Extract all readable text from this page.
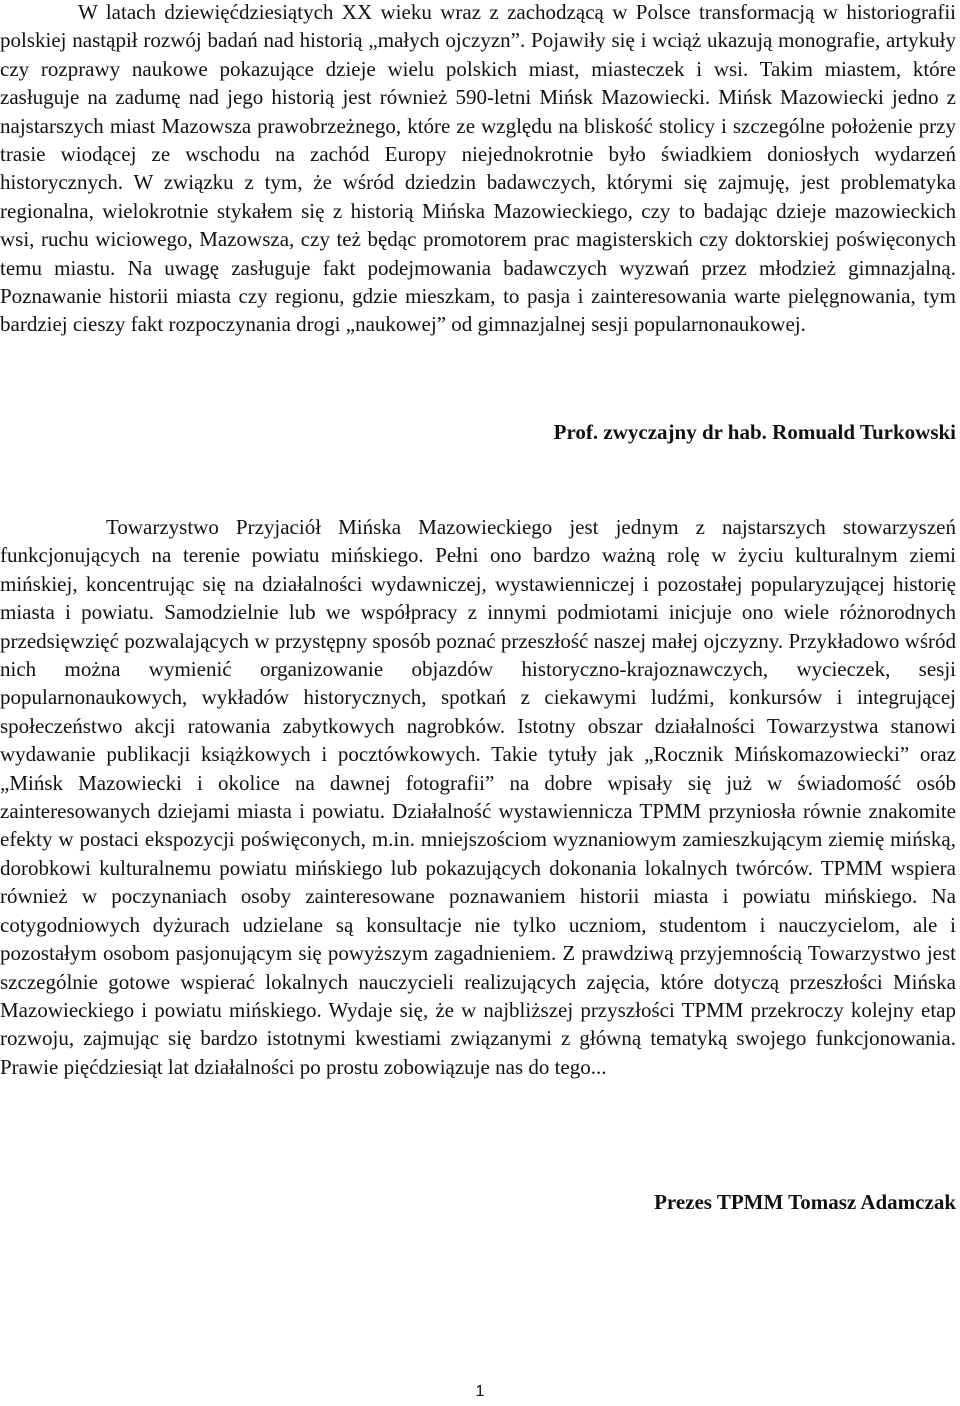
W latach dziewięćdziesiątych XX wieku wraz z zachodzącą w Polsce transformacją w historiografii polskiej nastąpił rozwój badań nad historią „małych ojczyzn”. Pojawiły się i wciąż ukazują monografie, artykuły czy rozprawy naukowe pokazujące dzieje wielu polskich miast, miasteczek i wsi. Takim miastem, które zasługuje na zadumę nad jego historią jest również 590-letni Mińsk Mazowiecki. Mińsk Mazowiecki jedno z najstarszych miast Mazowsza prawobrzeżnego, które ze względu na bliskość stolicy i szczególne położenie przy trasie wiodącej ze wschodu na zachód Europy niejednokrotnie było świadkiem doniosłych wydarzeń historycznych. W związku z tym, że wśród dziedzin badawczych, którymi się zajmuję, jest problematyka regionalna, wielokrotnie stykałem się z historią Mińska Mazowieckiego, czy to badając dzieje mazowieckich wsi, ruchu wiciowego, Mazowsza, czy też będąc promotorem prac magisterskich czy doktorskiej poświęconych temu miastu. Na uwagę zasługuje fakt podejmowania badawczych wyzwań przez młodzież gimnazjalną. Poznawanie historii miasta czy regionu, gdzie mieszkam, to pasja i zainteresowania warte pielęgnowania, tym bardziej cieszy fakt rozpoczynania drogi „naukowej” od gimnazjalnej sesji popularnonaukowej.

Prof. zwyczajny dr hab. Romuald Turkowski

Towarzystwo Przyjaciół Mińska Mazowieckiego jest jednym z najstarszych stowarzyszeń funkcjonujących na terenie powiatu mińskiego. Pełni ono bardzo ważną rolę w życiu kulturalnym ziemi mińskiej, koncentrując się na działalności wydawniczej, wystawienniczej i pozostałej popularyzującej historię miasta i powiatu. Samodzielnie lub we współpracy z innymi podmiotami inicjuje ono wiele różnorodnych przedsięwzięć pozwalających w przystępny sposób poznać przeszłość naszej małej ojczyzny. Przykładowo wśród nich można wymienić organizowanie objazdów historyczno-krajoznawczych, wycieczek, sesji popularnonaukowych, wykładów historycznych, spotkań z ciekawymi ludźmi, konkursów i integrującej społeczeństwo akcji ratowania zabytkowych nagrobków. Istotny obszar działalności Towarzystwa stanowi wydawanie publikacji książkowych i pocztówkowych. Takie tytuły jak „Rocznik Mińskomazowiecki” oraz „Mińsk Mazowiecki i okolice na dawnej fotografii” na dobre wpisały się już w świadomość osób zainteresowanych dziejami miasta i powiatu. Działalność wystawiennicza TPMM przyniosła równie znakomite efekty w postaci ekspozycji poświęconych, m.in. mniejszościom wyznaniowym zamieszkującym ziemię mińską, dorobkowi kulturalnemu powiatu mińskiego lub pokazujących dokonania lokalnych twórców. TPMM wspiera również w poczynaniach osoby zainteresowane poznawaniem historii miasta i powiatu mińskiego. Na cotygodniowych dyżurach udzielane są konsultacje nie tylko uczniom, studentom i nauczycielom, ale i pozostałym osobom pasjonującym się powyższym zagadnieniem. Z prawdziwą przyjemnością Towarzystwo jest szczególnie gotowe wspierać lokalnych nauczycieli realizujących zajęcia, które dotyczą przeszłości Mińska Mazowieckiego i powiatu mińskiego. Wydaje się, że w najbliższej przyszłości TPMM przekroczy kolejny etap rozwoju, zajmując się bardzo istotnymi kwestiami związanymi z główną tematyką swojego funkcjonowania. Prawie pięćdziesiąt lat działalności po prostu zobowiązuje nas do tego...

Prezes TPMM Tomasz Adamczak

1
